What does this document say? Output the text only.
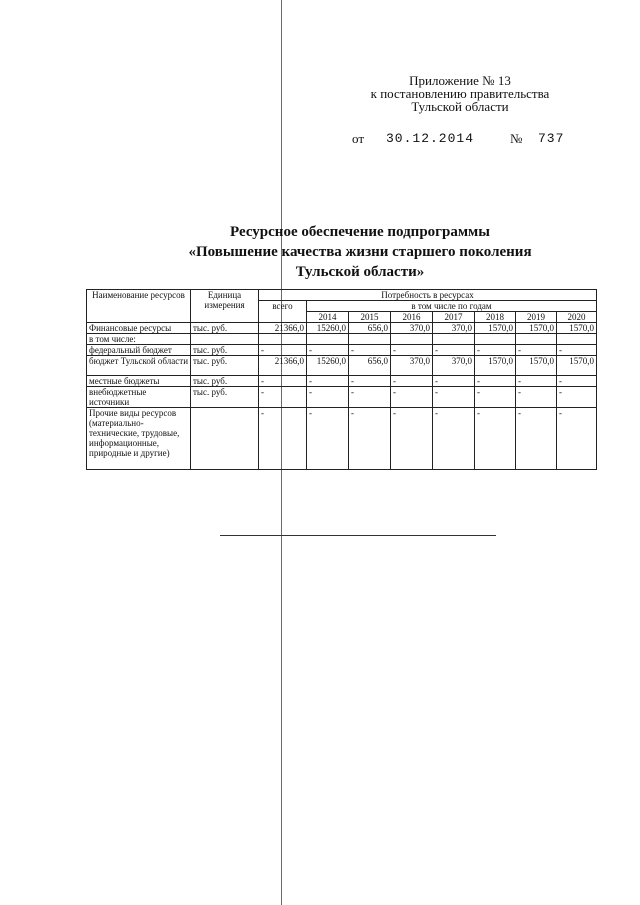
Приложение № 13
к постановлению правительства
Тульской области
от 30.12.2014	№ 737
Ресурсное обеспечение подпрограммы
«Повышение качества жизни старшего поколения
Тульской области»
Наименование ресурсов	Единица измерения	Потребность в ресурсах							
		всего	в том числе по годам						
			2014	2015	2016	2017	2018	2019	2020
Финансовые ресурсы	тыс. руб.	21366,0	15260,0	656,0	370,0	370,0	1570,0	1570,0	1570,0
в том числе:									
федеральный бюджет	тыс. руб.	-	-	-	-	-	-	-	-
бюджет Тульской области	тыс. руб.	21366,0	15260,0	656,0	370,0	370,0	1570,0	1570,0	1570,0
местные бюджеты	тыс. руб.	-	-	-	-	-	-	-	-
внебюджетные источники	тыс. руб.	-	-	-	-	-	-	-	-
Прочие виды ресурсов (материально-технические, трудовые, информационные, природные и другие)		-	-	-	-	-	-	-	-
